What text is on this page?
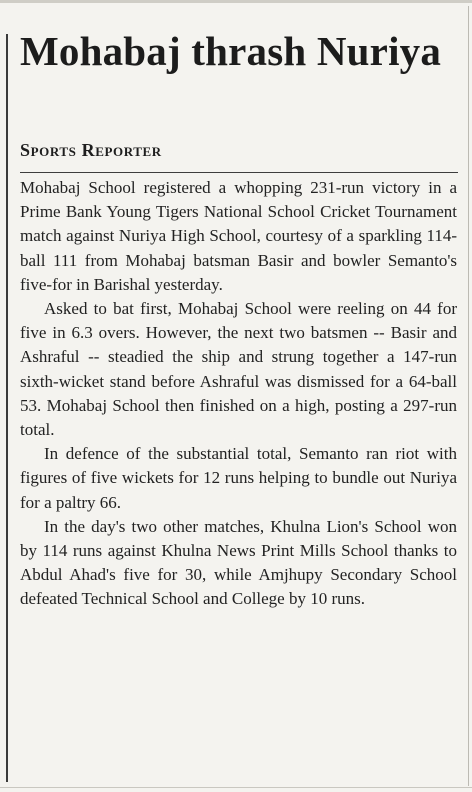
Mohabaj thrash Nuriya
Sports Reporter

Mohabaj School registered a whopping 231-run victory in a Prime Bank Young Tigers National School Cricket Tournament match against Nuriya High School, courtesy of a sparkling 114-ball 111 from Mohabaj batsman Basir and bowler Semanto's five-for in Barishal yesterday.

Asked to bat first, Mohabaj School were reeling on 44 for five in 6.3 overs. However, the next two batsmen -- Basir and Ashraful -- steadied the ship and strung together a 147-run sixth-wicket stand before Ashraful was dismissed for a 64-ball 53. Mohabaj School then finished on a high, posting a 297-run total.

In defence of the substantial total, Semanto ran riot with figures of five wickets for 12 runs helping to bundle out Nuriya for a paltry 66.

In the day's two other matches, Khulna Lion's School won by 114 runs against Khulna News Print Mills School thanks to Abdul Ahad's five for 30, while Amjhupy Secondary School defeated Technical School and College by 10 runs.
